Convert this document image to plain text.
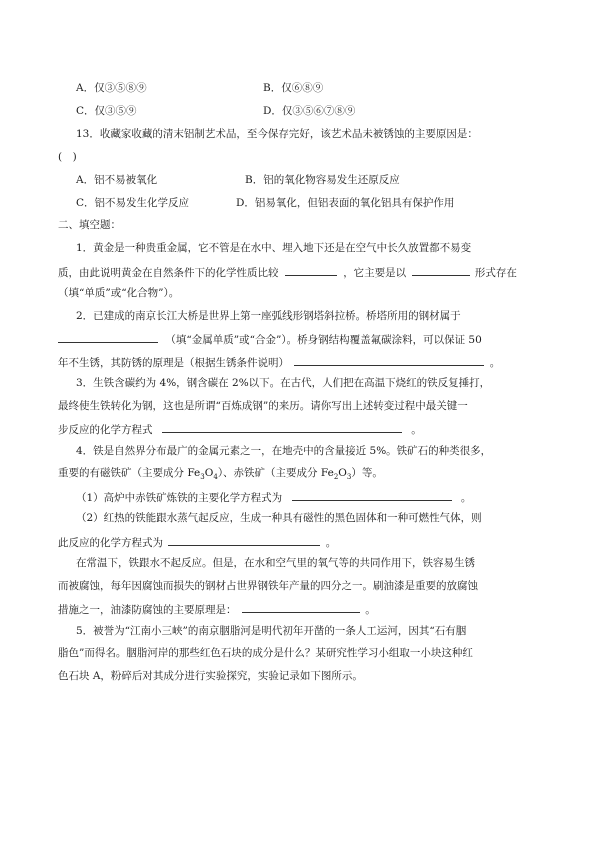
A．仅③⑤⑧⑨	B．仅⑥⑧⑨
C．仅③⑤⑨	D．仅③⑤⑥⑦⑧⑨
13．收藏家收藏的清末铝制艺术品，至今保存完好，该艺术品未被锈蚀的主要原因是：
(　)
A．铝不易被氧化	B．铝的氧化物容易发生还原反应
C．铝不易发生化学反应	D．铝易氧化，但铝表面的氧化铝具有保护作用
二、填空题：
1．黄金是一种贵重金属，它不管是在水中、埋入地下还是在空气中长久放置都不易变
质，由此说明黄金在自然条件下的化学性质比较	，它主要是以	形式存在
（填“单质”或“化合物”）。
2．已建成的南京长江大桥是世界上第一座弧线形钢塔斜拉桥。桥塔所用的钢材属于
（填“金属单质”或“合金”）。桥身钢结构覆盖氟碳涂料，可以保证 50
年不生锈，其防锈的原理是（根据生锈条件说明）	。
3．生铁含碳约为 4%，钢含碳在 2%以下。在古代，人们把在高温下烧红的铁反复捶打，
最终使生铁转化为钢，这也是所谓“百炼成钢”的来历。请你写出上述转变过程中最关键一
步反应的化学方程式	。
4．铁是自然界分布最广的金属元素之一，在地壳中的含量接近 5%。铁矿石的种类很多，
重要的有磁铁矿（主要成分 $Fe_3O_4$）、赤铁矿（主要成分 $Fe_2O_3$）等。
（1）高炉中赤铁矿炼铁的主要化学方程式为	。
（2）红热的铁能跟水蒸气起反应，生成一种具有磁性的黑色固体和一种可燃性气体，则
此反应的化学方程式为	。
在常温下，铁跟水不起反应。但是，在水和空气里的氧气等的共同作用下，铁容易生锈
而被腐蚀，每年因腐蚀而损失的钢材占世界钢铁年产量的四分之一。刷油漆是重要的放腐蚀
措施之一，油漆防腐蚀的主要原理是：	。
5．被誉为“江南小三峡”的南京胭脂河是明代初年开凿的一条人工运河，因其“石有胭
脂色”而得名。胭脂河岸的那些红色石块的成分是什么？某研究性学习小组取一小块这种红
色石块 A，粉碎后对其成分进行实验探究，实验记录如下图所示。
